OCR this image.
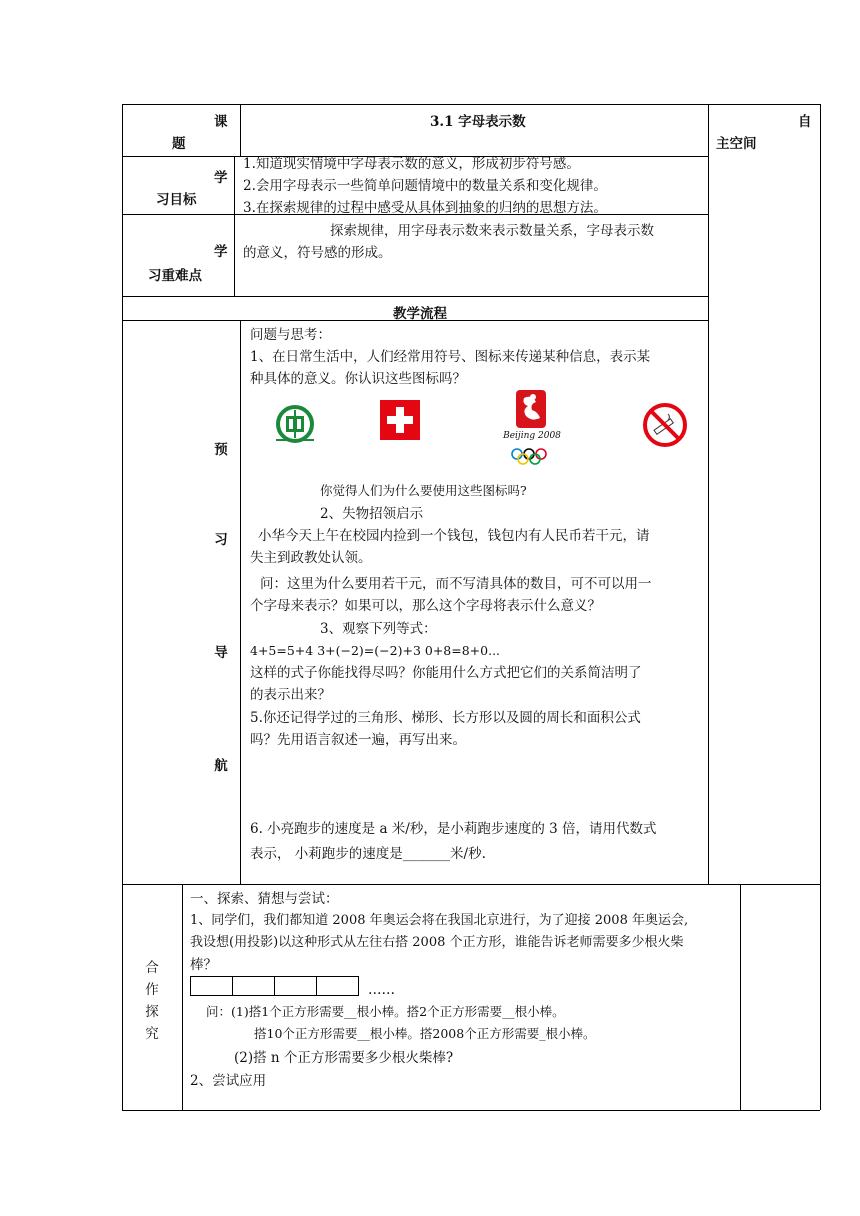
课
题
3.1 字母表示数	自
主空间
学
习目标
1.知道现实情境中字母表示数的意义，形成初步符号感。
2.会用字母表示一些简单问题情境中的数量关系和变化规律。
3.在探索规律的过程中感受从具体到抽象的归纳的思想方法。
学
习重难点
探索规律，用字母表示数来表示数量关系，字母表示数
的意义，符号感的形成。
教学流程
预
习
导
航
问题与思考：
1、在日常生活中，人们经常用符号、图标来传递某种信息，表示某
种具体的意义。你认识这些图标吗？
Beijing 2008
你觉得人们为什么要使用这些图标吗?
2、失物招领启示
小华今天上午在校园内捡到一个钱包，钱包内有人民币若干元，请
失主到政教处认领。
问：这里为什么要用若干元，而不写清具体的数目，可不可以用一
个字母来表示？如果可以，那么这个字母将表示什么意义？
3、观察下列等式：
4+5=5+4 3+(−2)=(−2)+3 0+8=8+0...
这样的式子你能找得尽吗？你能用什么方式把它们的关系简洁明了
的表示出来？
5.你还记得学过的三角形、梯形、长方形以及圆的周长和面积公式
吗？先用语言叙述一遍，再写出来。
6. 小亮跑步的速度是 a 米/秒，是小莉跑步速度的 3 倍，请用代数式
表示， 小莉跑步的速度是_______米/秒.
合
作
探
究
一、探索、猜想与尝试：
1、同学们，我们都知道 2008 年奥运会将在我国北京进行，为了迎接 2008 年奥运会,
我设想(用投影)以这种形式从左往右搭 2008 个正方形，谁能告诉老师需要多少根火柴
棒？
……
问：(1)搭1个正方形需要__根小棒。搭2个正方形需要__根小棒。
搭10个正方形需要__根小棒。搭2008个正方形需要_根小棒。
(2)搭 n 个正方形需要多少根火柴棒?
2、尝试应用
